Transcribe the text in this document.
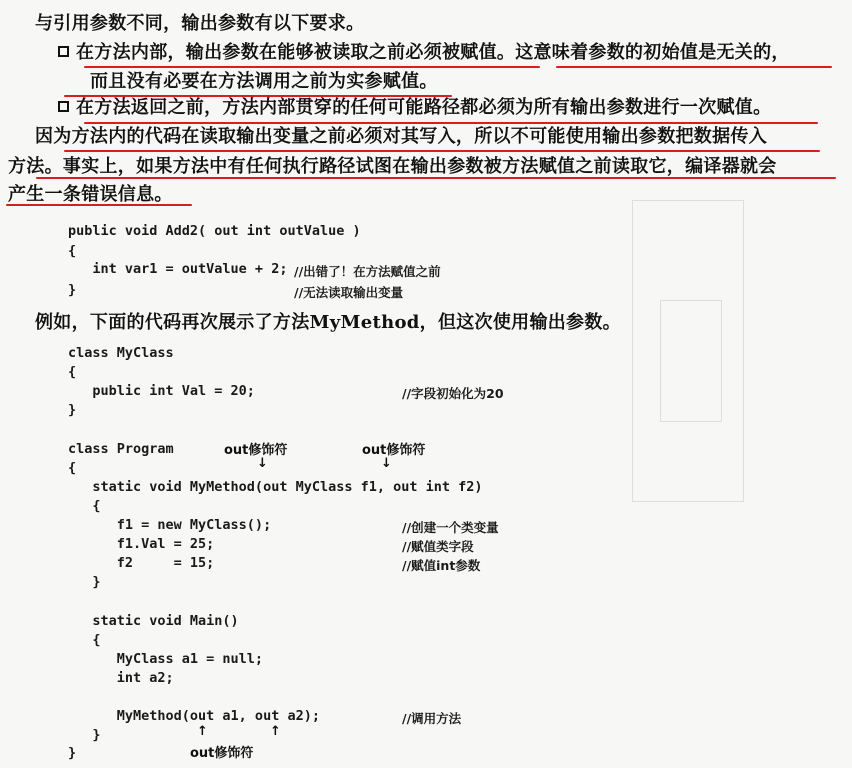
与引用参数不同，输出参数有以下要求。
在方法内部，输出参数在能够被读取之前必须被赋值。这意味着参数的初始值是无关的，
而且没有必要在方法调用之前为实参赋值。
在方法返回之前，方法内部贯穿的任何可能路径都必须为所有输出参数进行一次赋值。
因为方法内的代码在读取输出变量之前必须对其写入，所以不可能使用输出参数把数据传入
方法。事实上，如果方法中有任何执行路径试图在输出参数被方法赋值之前读取它，编译器就会
产生一条错误信息。
public void Add2( out int outValue )
{
int var1 = outValue + 2;
}
//出错了！在方法赋值之前
//无法读取输出变量
例如，下面的代码再次展示了方法MyMethod，但这次使用输出参数。
class MyClass
{
public int Val = 20;
}
//字段初始化为20
class Program	out修饰符	out修饰符
↓	↓
{
static void MyMethod(out MyClass f1, out int f2)
{
f1 = new MyClass();	//创建一个类变量
f1.Val = 25;	//赋值类字段
f2     = 15;	//赋值int参数
}
static void Main()
{
MyClass a1 = null;
int a2;
MyMethod(out a1, out a2);	//调用方法
}	↑	↑
}	out修饰符
